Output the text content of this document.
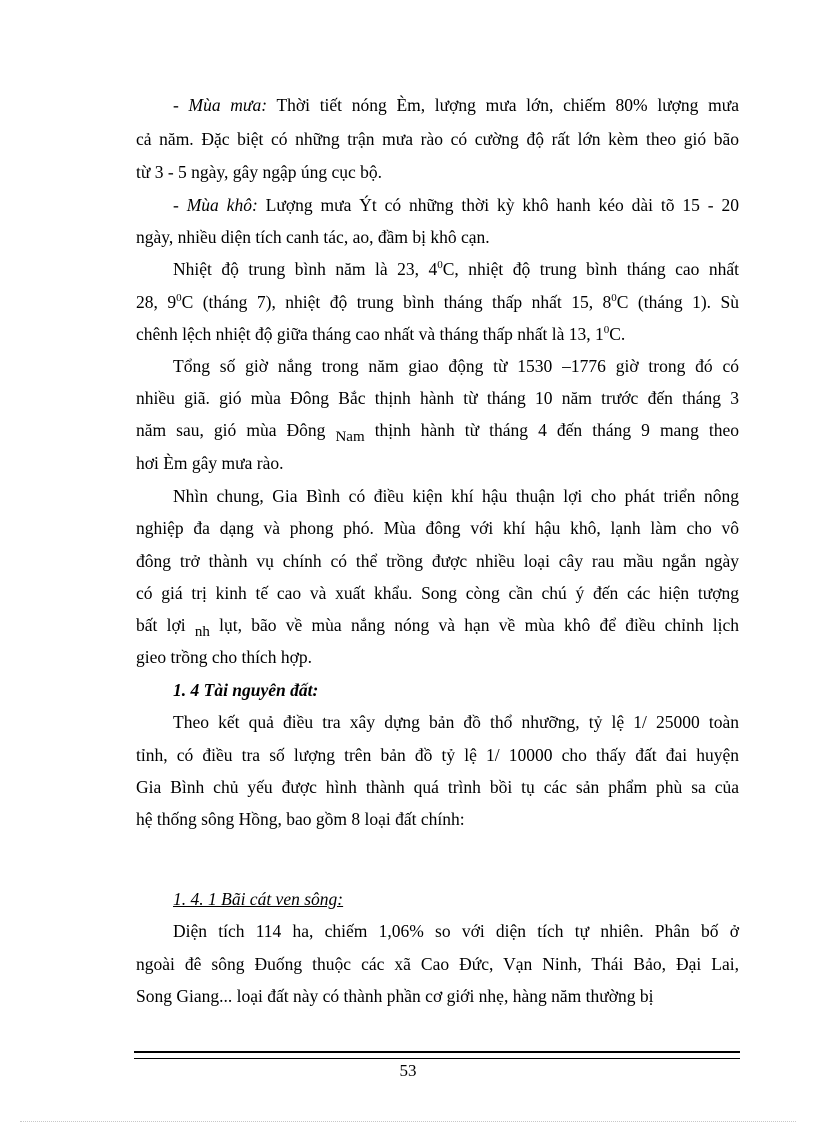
- Mùa mưa: Thời tiết nóng Èm, lượng mưa lớn, chiếm 80% lượng mưa
cả năm. Đặc biệt có những trận mưa rào có cường độ rất lớn kèm theo gió bão
từ 3 - 5 ngày, gây ngập úng cục bộ.
- Mùa khô: Lượng mưa Ýt có những thời kỳ khô hanh kéo dài tõ 15 - 20
ngày, nhiều diện tích canh tác, ao, đầm bị khô cạn.
Nhiệt độ trung bình năm là 23, $4^0C$, nhiệt độ trung bình tháng cao nhất
28, $9^0C$ (tháng 7), nhiệt độ trung bình tháng thấp nhất 15, $8^0C$ (tháng 1). Sù
chênh lệch nhiệt độ giữa tháng cao nhất và tháng thấp nhất là 13, $1^0C$.
Tổng số giờ nắng trong năm giao động từ 1530 –1776 giờ trong đó có
nhiều giã. gió mùa Đông Bắc thịnh hành từ tháng 10 năm trước đến tháng 3
năm sau, gió mùa Đông Nam thịnh hành từ tháng 4 đến tháng 9 mang theo
hơi Èm gây mưa rào.
Nhìn chung, Gia Bình có điều kiện khí hậu thuận lợi cho phát triển nông
nghiệp đa dạng và phong phó. Mùa đông với khí hậu khô, lạnh làm cho vô
đông trở thành vụ chính có thể trồng được nhiều loại cây rau mầu ngắn ngày
có giá trị kinh tế cao và xuất khẩu. Song còng cần chú ý đến các hiện tượng
bất lợi nh lụt, bão về mùa nắng nóng và hạn về mùa khô để điều chỉnh lịch
gieo trồng cho thích hợp.
1. 4 Tài nguyên đất:
Theo kết quả điều tra xây dựng bản đồ thổ nhưỡng, tỷ lệ 1/ 25000 toàn
tỉnh, có điều tra số lượng trên bản đồ tỷ lệ 1/ 10000 cho thấy đất đai huyện
Gia Bình chủ yếu được hình thành quá trình bồi tụ các sản phẩm phù sa của
hệ thống sông Hồng, bao gồm 8 loại đất chính:
1. 4. 1 Bãi cát ven sông:
Diện tích 114 ha, chiếm 1,06% so với diện tích tự nhiên. Phân bố ở
ngoài đê sông Đuống thuộc các xã Cao Đức, Vạn Ninh, Thái Bảo, Đại Lai,
Song Giang... loại đất này có thành phần cơ giới nhẹ, hàng năm thường bị
53
